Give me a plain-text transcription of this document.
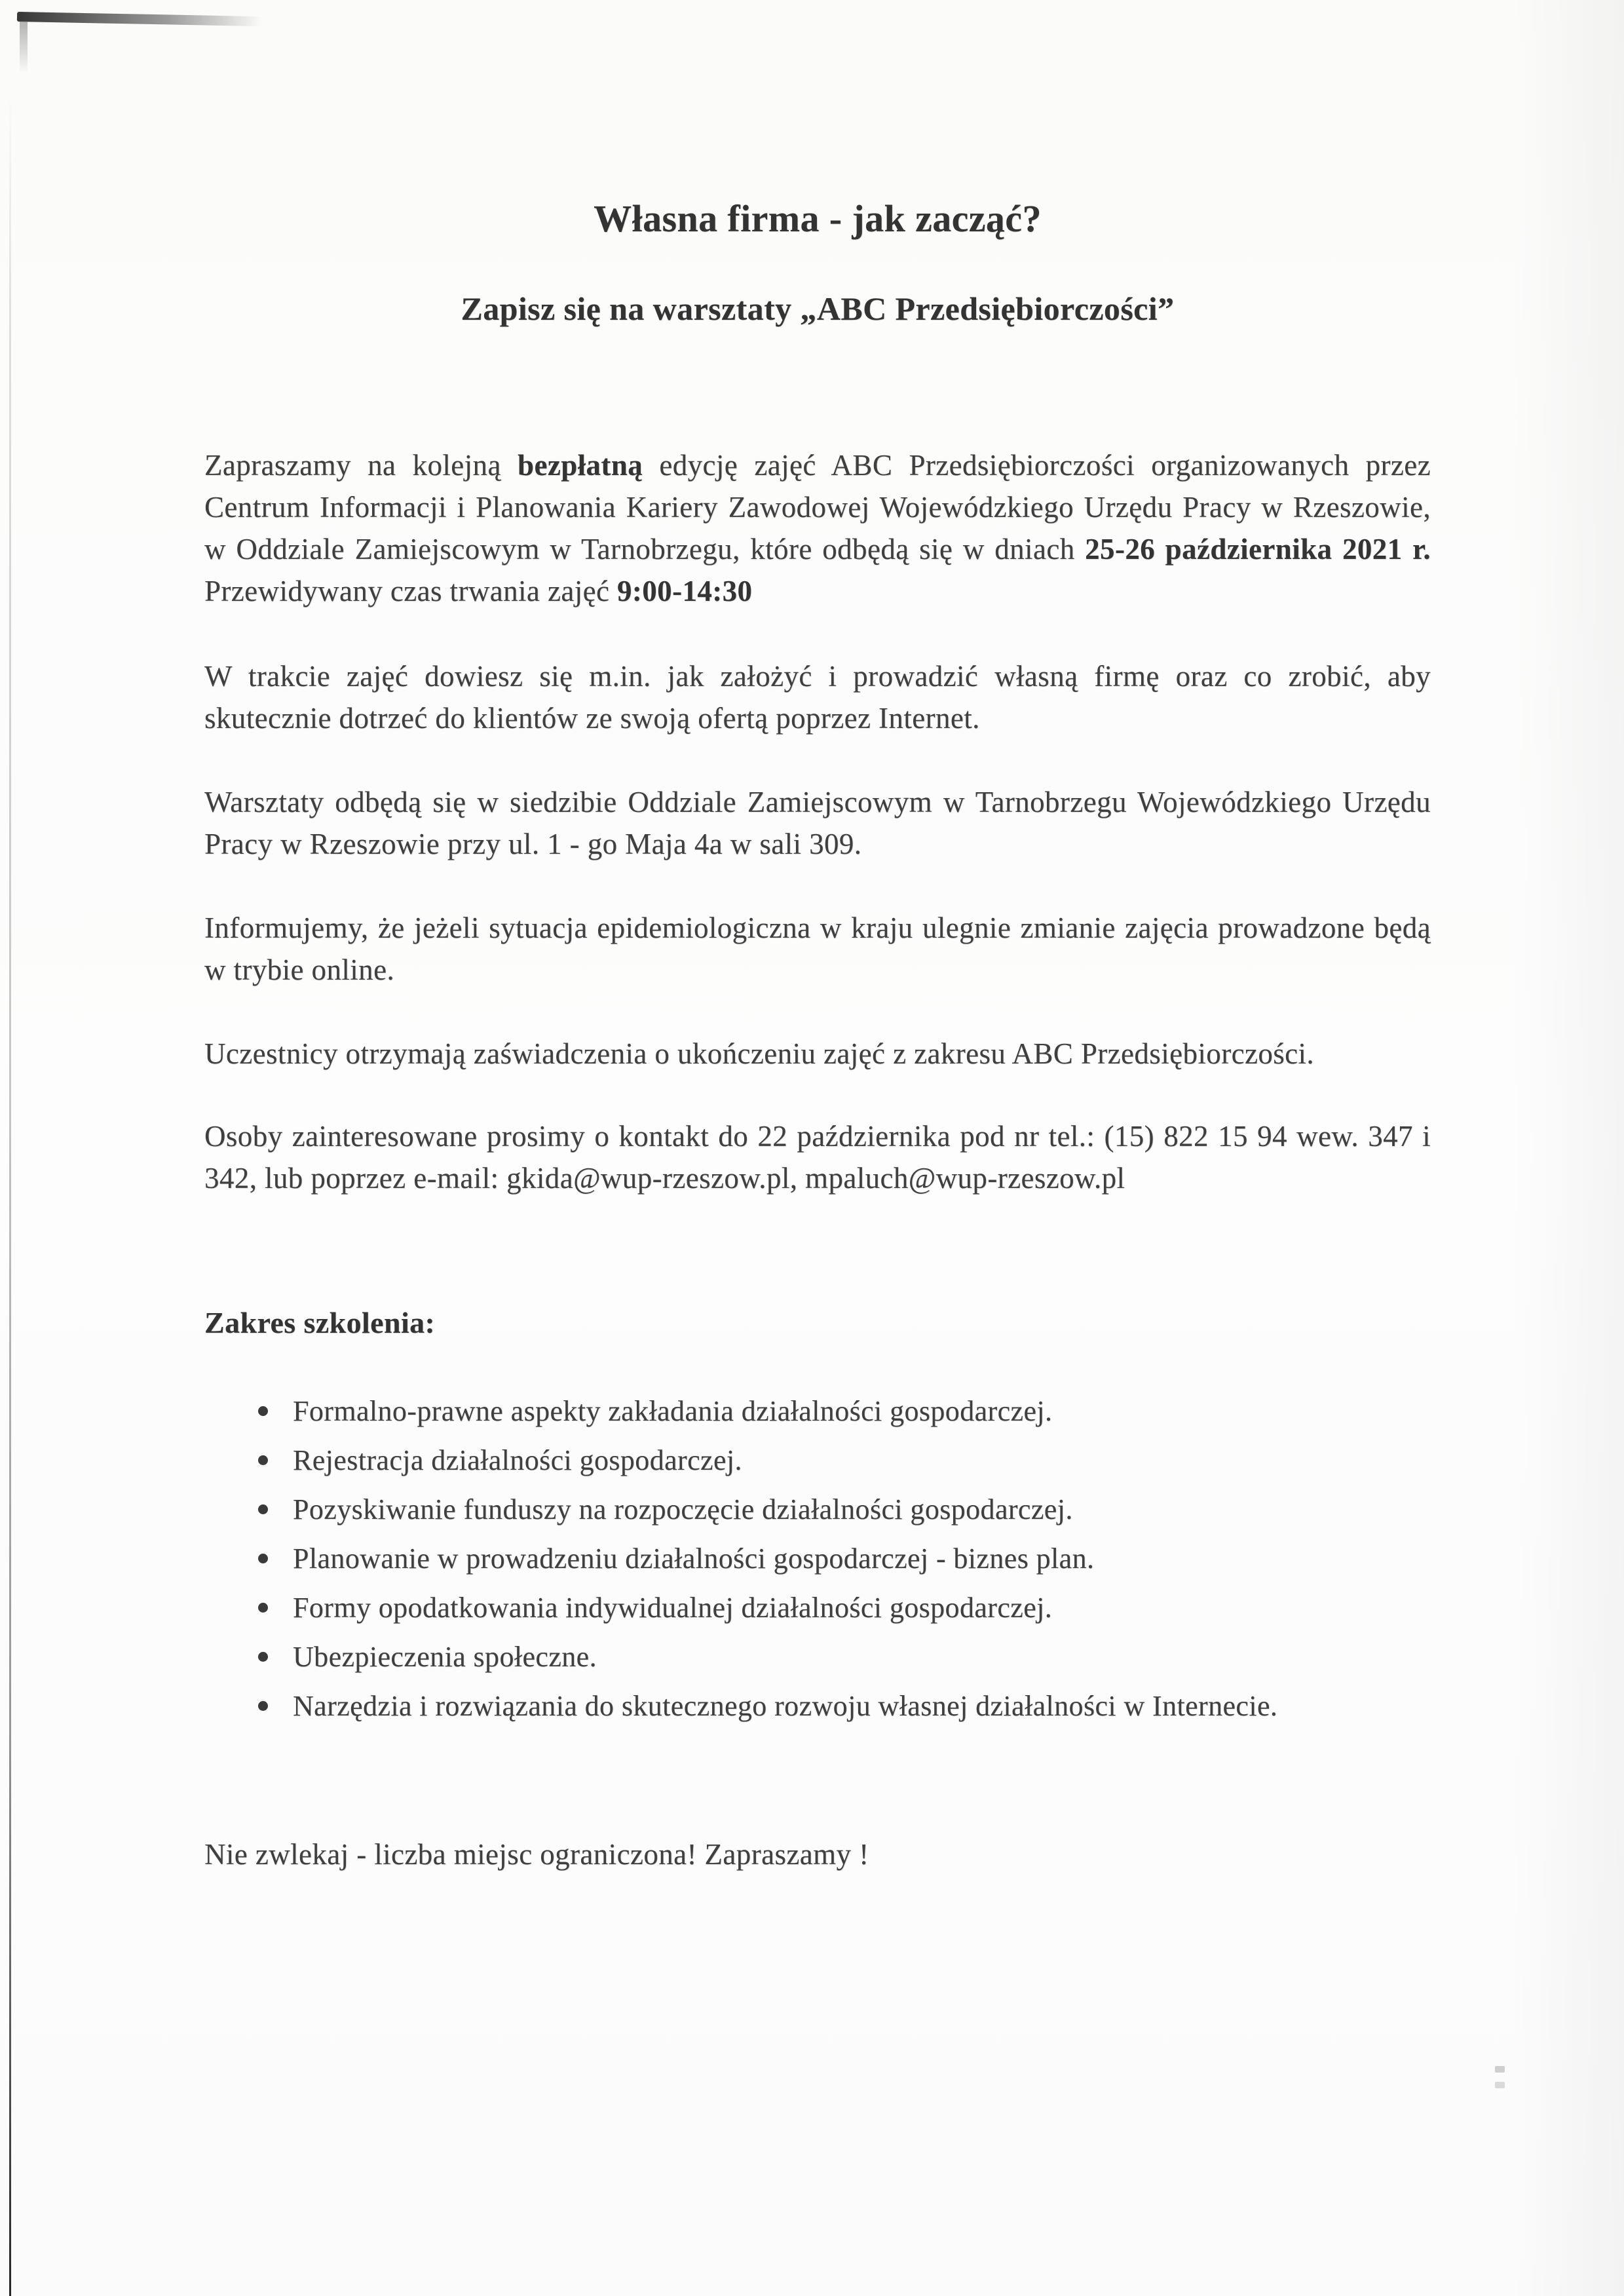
Własna firma - jak zacząć?
Zapisz się na warsztaty „ABC Przedsiębiorczości”

Zapraszamy na kolejną bezpłatną edycję zajęć ABC Przedsiębiorczości organizowanych przez Centrum Informacji i Planowania Kariery Zawodowej Wojewódzkiego Urzędu Pracy w Rzeszowie, w Oddziale Zamiejscowym w Tarnobrzegu, które odbędą się w dniach 25-26 października 2021 r. Przewidywany czas trwania zajęć 9:00-14:30

W trakcie zajęć dowiesz się m.in. jak założyć i prowadzić własną firmę oraz co zrobić, aby skutecznie dotrzeć do klientów ze swoją ofertą poprzez Internet.

Warsztaty odbędą się w siedzibie Oddziale Zamiejscowym w Tarnobrzegu Wojewódzkiego Urzędu Pracy w Rzeszowie przy ul. 1 - go Maja 4a w sali 309.

Informujemy, że jeżeli sytuacja epidemiologiczna w kraju ulegnie zmianie zajęcia prowadzone będą w trybie online.

Uczestnicy otrzymają zaświadczenia o ukończeniu zajęć z zakresu ABC Przedsiębiorczości.

Osoby zainteresowane prosimy o kontakt do 22 października pod nr tel.: (15) 822 15 94 wew. 347 i 342, lub poprzez e-mail: gkida@wup-rzeszow.pl, mpaluch@wup-rzeszow.pl

Zakres szkolenia:
Formalno-prawne aspekty zakładania działalności gospodarczej.
Rejestracja działalności gospodarczej.
Pozyskiwanie funduszy na rozpoczęcie działalności gospodarczej.
Planowanie w prowadzeniu działalności gospodarczej - biznes plan.
Formy opodatkowania indywidualnej działalności gospodarczej.
Ubezpieczenia społeczne.
Narzędzia i rozwiązania do skutecznego rozwoju własnej działalności w Internecie.

Nie zwlekaj - liczba miejsc ograniczona! Zapraszamy !
